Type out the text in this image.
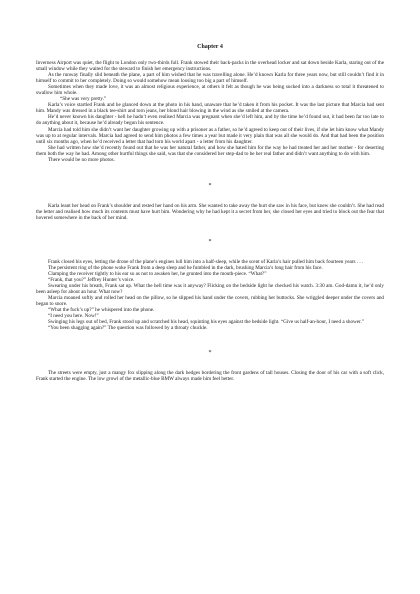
Chapter 4

Inverness Airport was quiet, the flight to London only two-thirds full. Frank stowed their back-packs in the overhead locker and sat down beside Karla, staring out of the small window while they waited for the steward to finish her emergency instructions.

As the runway finally slid beneath the plane, a part of him wished that he was travelling alone. He’d known Karla for three years now, but still couldn’t find it in himself to commit to her completely. Doing so would somehow mean loosing too big a part of himself.

Sometimes when they made love, it was an almost religious experience, at others it felt as though he was being sucked into a darkness so total it threatened to swallow him whole.

“She was very pretty.”

Karla’s voice startled Frank and he glanced down at the photo in his hand, unaware that he’d taken it from his pocket. It was the last picture that Marcia had sent him. Mandy was dressed in a black tee-shirt and torn jeans, her blond hair blowing in the wind as she smiled at the camera.

He’d never known his daughter - hell he hadn’t even realised Marcia was pregnant when she’d left him, and by the time he’d found out, it had been far too late to do anything about it, because he’d already begun his sentence.

Marcia had told him she didn’t want her daughter growing up with a prisoner as a father, so he’d agreed to keep out of their lives, if she let him know what Mandy was up to at regular intervals. Marcia had agreed to send him photos a few times a year but made it very plain that was all she would do. And that had been the position until six months ago, when he’d received a letter that had torn his world apart - a letter from his daughter.

She had written how she’d recently found out that he was her natural father, and how she hated him for the way he had treated her and her mother - for deserting them both the way he had. Among other hurtful things she said, was that she considered her step-dad to be her real father and didn’t want anything to do with him.

There would be no more photos.

*

Karla leant her head on Frank’s shoulder and rested her hand on his arm. She wanted to take away the hurt she saw in his face, but knew she couldn’t. She had read the letter and realised how much its contents must have hurt him. Wondering why he had kept it a secret from her, she closed her eyes and tried to block out the fear that hovered somewhere in the back of her mind.

*

Frank closed his eyes, letting the drone of the plane’s engines lull him into a half-sleep, while the scent of Karla’s hair pulled him back fourteen years . . .

The persistent ring of the phone woke Frank from a deep sleep and he fumbled in the dark, brushing Marcia’s long hair from his face.

Clamping the receiver tightly to his ear so as not to awaken her, he grunted into the mouth-piece. “What?”

“Frank, that you?” Jeffrey Hunter’s voice.

Swearing under his breath, Frank sat up. What the hell time was it anyway? Flicking on the bedside light he checked his watch. 3:30 am. God-damn it, he’d only been asleep for about an hour. What now?

Marcia moaned softly and rolled her head on the pillow, so he slipped his hand under the covers, rubbing her buttocks. She wriggled deeper under the covers and began to snore.

“What the fuck’s up?” he whispered into the phone.

“I need you here. Now!”

Swinging his legs out of bed, Frank stood up and scratched his head, squinting his eyes against the bedside light. “Give us half-an-hour, I need a shower.”

“You been shagging again?” The question was followed by a throaty chuckle.

*

The streets were empty, just a mangy fox slipping along the dark hedges bordering the front gardens of tall houses. Closing the door of his car with a soft click, Frank started the engine. The low growl of the metallic-blue BMW always made him feel better.
